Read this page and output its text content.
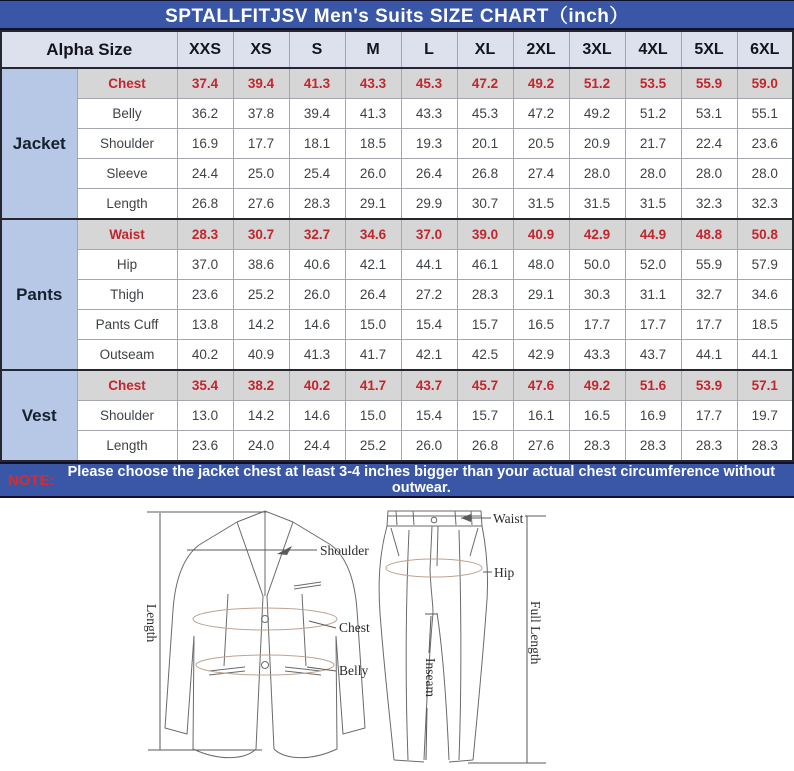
SPTALLFITJSV Men's Suits SIZE CHART（inch）
Alpha Size		XXS	XS	S	M	L	XL	2XL	3XL	4XL	5XL	6XL
Jacket	Chest	37.4	39.4	41.3	43.3	45.3	47.2	49.2	51.2	53.5	55.9	59.0
	Belly	36.2	37.8	39.4	41.3	43.3	45.3	47.2	49.2	51.2	53.1	55.1
	Shoulder	16.9	17.7	18.1	18.5	19.3	20.1	20.5	20.9	21.7	22.4	23.6
	Sleeve	24.4	25.0	25.4	26.0	26.4	26.8	27.4	28.0	28.0	28.0	28.0
	Length	26.8	27.6	28.3	29.1	29.9	30.7	31.5	31.5	31.5	32.3	32.3
Pants	Waist	28.3	30.7	32.7	34.6	37.0	39.0	40.9	42.9	44.9	48.8	50.8
	Hip	37.0	38.6	40.6	42.1	44.1	46.1	48.0	50.0	52.0	55.9	57.9
	Thigh	23.6	25.2	26.0	26.4	27.2	28.3	29.1	30.3	31.1	32.7	34.6
	Pants Cuff	13.8	14.2	14.6	15.0	15.4	15.7	16.5	17.7	17.7	17.7	18.5
	Outseam	40.2	40.9	41.3	41.7	42.1	42.5	42.9	43.3	43.7	44.1	44.1
Vest	Chest	35.4	38.2	40.2	41.7	43.7	45.7	47.6	49.2	51.6	53.9	57.1
	Shoulder	13.0	14.2	14.6	15.0	15.4	15.7	16.1	16.5	16.9	17.7	19.7
	Length	23.6	24.0	24.4	25.2	26.0	26.8	27.6	28.3	28.3	28.3	28.3
NOTE: Please choose the jacket chest at least 3-4 inches bigger than your actual chest circumference without outwear.
Length
Shoulder
Chest
Belly	Inseam
Waist
Hip
Full Length
